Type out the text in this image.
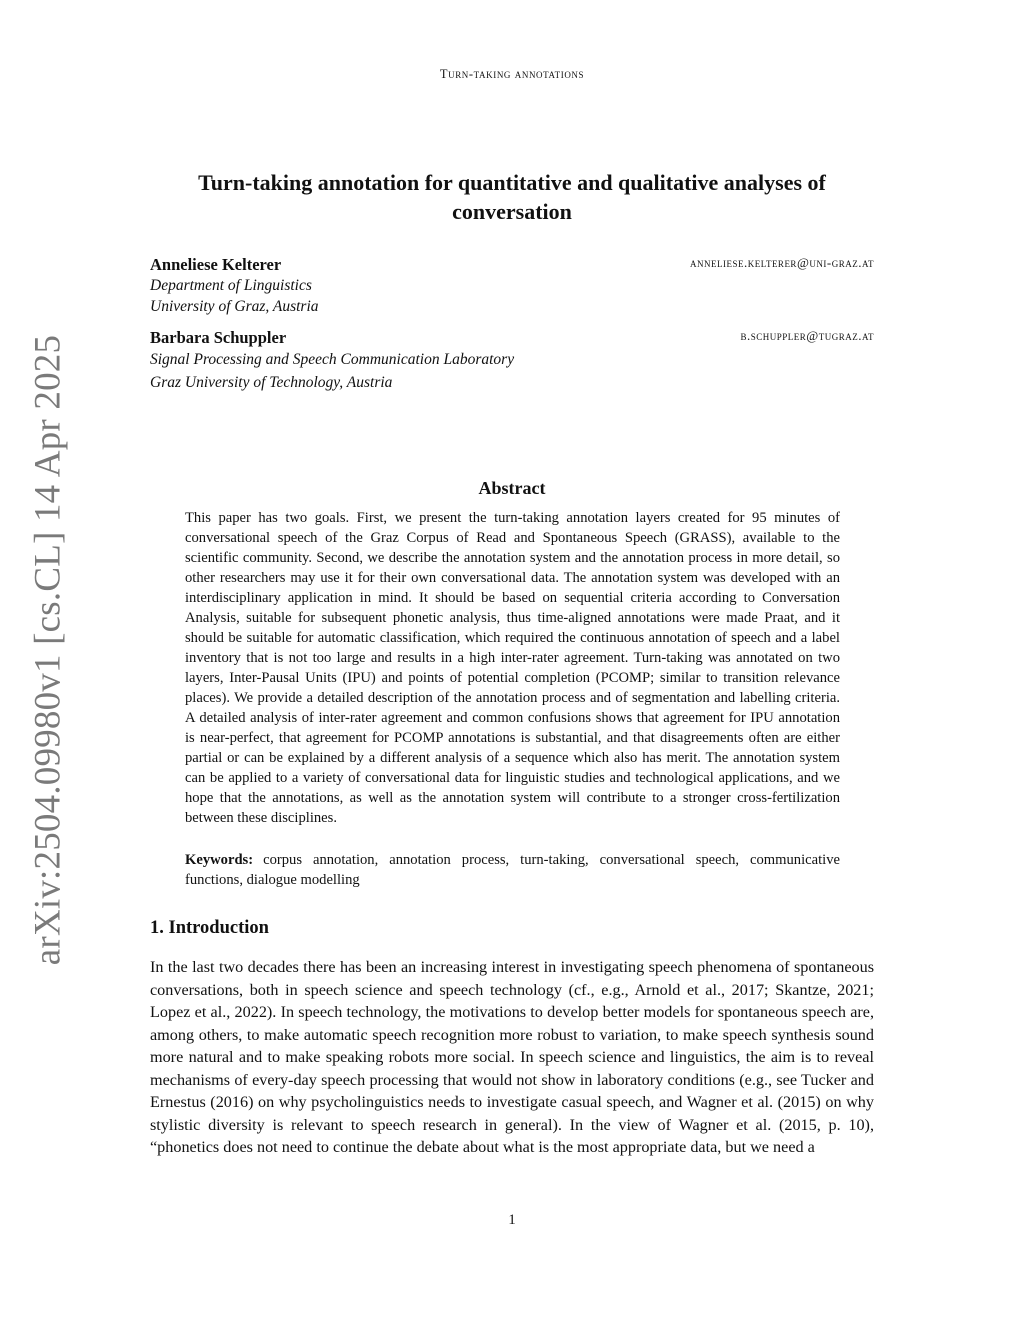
Turn-taking annotations
arXiv:2504.09980v1 [cs.CL] 14 Apr 2025
Turn-taking annotation for quantitative and qualitative analyses of conversation
Anneliese Kelterer
Department of Linguistics
University of Graz, Austria
anneliese.kelterer@uni-graz.at
Barbara Schuppler
Signal Processing and Speech Communication Laboratory
Graz University of Technology, Austria
b.schuppler@tugraz.at
Abstract

This paper has two goals. First, we present the turn-taking annotation layers created for 95 minutes of conversational speech of the Graz Corpus of Read and Spontaneous Speech (GRASS), available to the scientific community. Second, we describe the annotation system and the annotation process in more detail, so other researchers may use it for their own conversational data. The annotation system was developed with an interdisciplinary application in mind. It should be based on sequential criteria according to Conversation Analysis, suitable for subsequent phonetic analysis, thus time-aligned annotations were made Praat, and it should be suitable for automatic classification, which required the continuous annotation of speech and a label inventory that is not too large and results in a high inter-rater agreement. Turn-taking was annotated on two layers, Inter-Pausal Units (IPU) and points of potential completion (PCOMP; similar to transition relevance places). We provide a detailed description of the annotation process and of segmentation and labelling criteria. A detailed analysis of inter-rater agreement and common confusions shows that agreement for IPU annotation is near-perfect, that agreement for PCOMP annotations is substantial, and that disagreements often are either partial or can be explained by a different analysis of a sequence which also has merit. The annotation system can be applied to a variety of conversational data for linguistic studies and technological applications, and we hope that the annotations, as well as the annotation system will contribute to a stronger cross-fertilization between these disciplines.

Keywords: corpus annotation, annotation process, turn-taking, conversational speech, communicative functions, dialogue modelling
1. Introduction

In the last two decades there has been an increasing interest in investigating speech phenomena of spontaneous conversations, both in speech science and speech technology (cf., e.g., Arnold et al., 2017; Skantze, 2021; Lopez et al., 2022). In speech technology, the motivations to develop better models for spontaneous speech are, among others, to make automatic speech recognition more robust to variation, to make speech synthesis sound more natural and to make speaking robots more social. In speech science and linguistics, the aim is to reveal mechanisms of every-day speech processing that would not show in laboratory conditions (e.g., see Tucker and Ernestus (2016) on why psycholinguistics needs to investigate casual speech, and Wagner et al. (2015) on why stylistic diversity is relevant to speech research in general). In the view of Wagner et al. (2015, p. 10), “phonetics does not need to continue the debate about what is the most appropriate data, but we need a

1
